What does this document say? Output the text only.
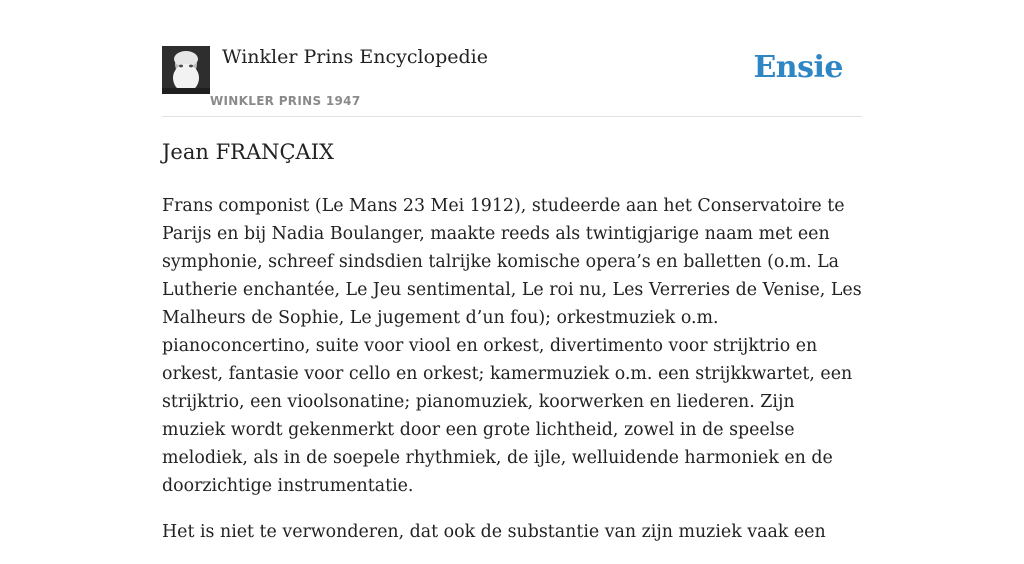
Winkler Prins Encyclopedie
WINKLER PRINS 1947
Ensie
Jean FRANÇAIX

Frans componist (Le Mans 23 Mei 1912), studeerde aan het Conservatoire te Parijs en bij Nadia Boulanger, maakte reeds als twintigjarige naam met een symphonie, schreef sindsdien talrijke komische opera’s en balletten (o.m. La Lutherie enchantée, Le Jeu sentimental, Le roi nu, Les Verreries de Venise, Les Malheurs de Sophie, Le jugement d’un fou); orkestmuziek o.m. pianoconcertino, suite voor viool en orkest, divertimento voor strijktrio en orkest, fantasie voor cello en orkest; kamermuziek o.m. een strijkkwartet, een strijktrio, een vioolsonatine; pianomuziek, koorwerken en liederen. Zijn muziek wordt gekenmerkt door een grote lichtheid, zowel in de speelse melodiek, als in de soepele rhythmiek, de ijle, welluidende harmoniek en de doorzichtige instrumentatie.

Het is niet te verwonderen, dat ook de substantie van zijn muziek vaak een
